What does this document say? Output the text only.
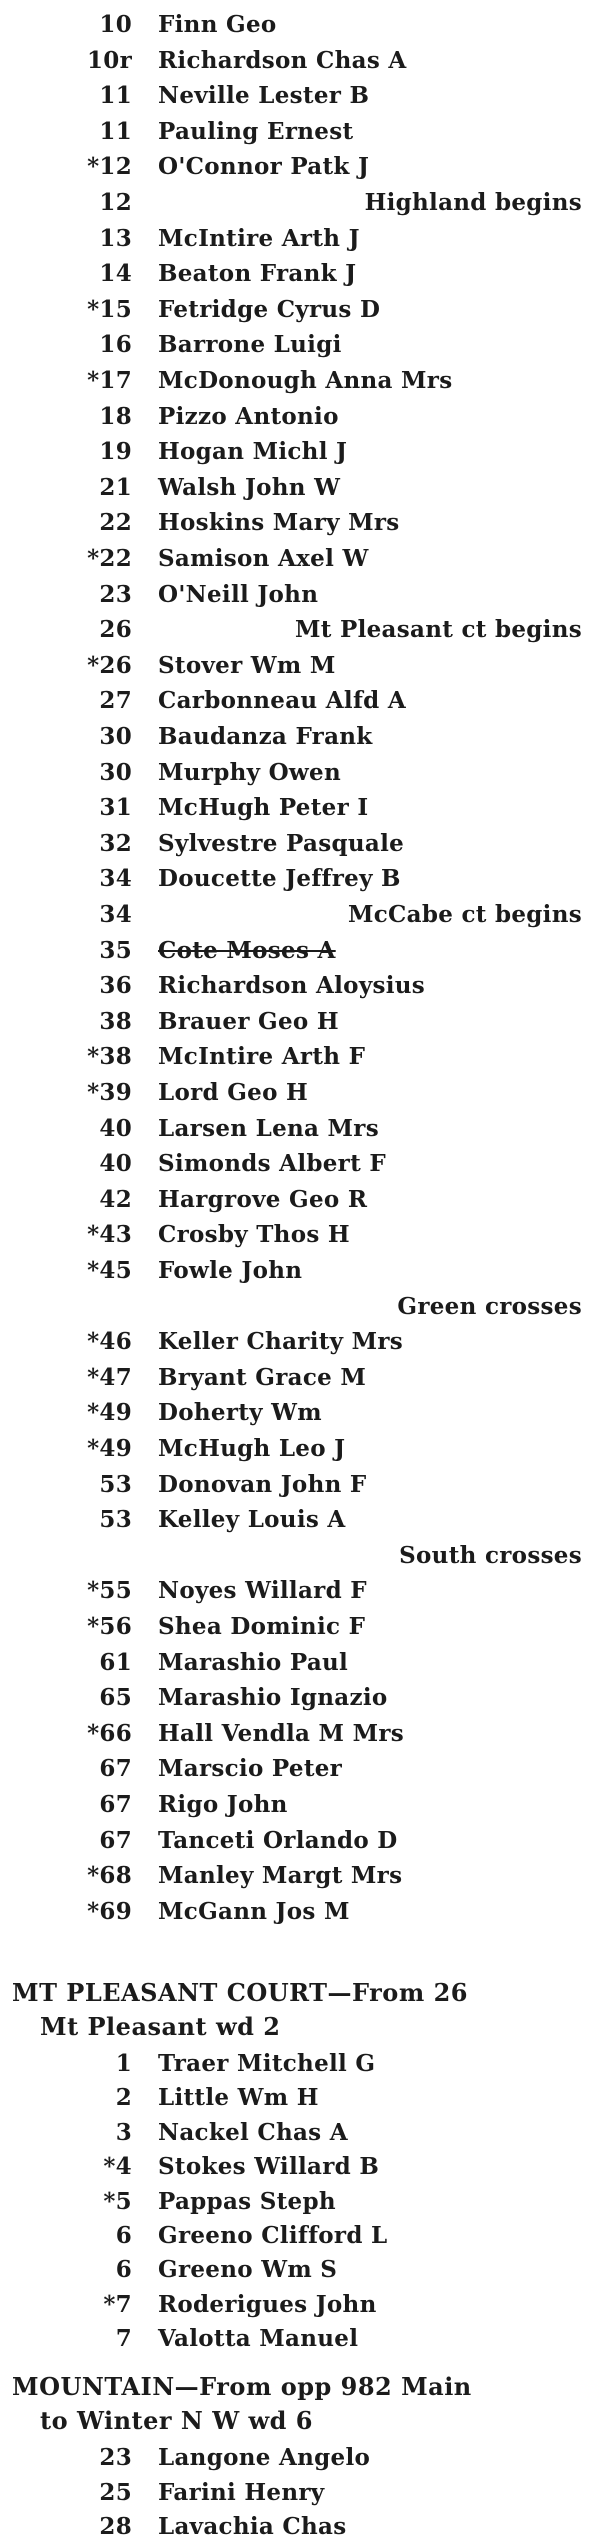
10 Finn Geo
10r Richardson Chas A
11 Neville Lester B
11 Pauling Ernest
*12 O'Connor Patk J
12	Highland begins
13 McIntire Arth J
14 Beaton Frank J
*15 Fetridge Cyrus D
16 Barrone Luigi
*17 McDonough Anna Mrs
18 Pizzo Antonio
19 Hogan Michl J
21 Walsh John W
22 Hoskins Mary Mrs
*22 Samison Axel W
23 O'Neill John
26	Mt Pleasant ct begins
*26 Stover Wm M
27 Carbonneau Alfd A
30 Baudanza Frank
30 Murphy Owen
31 McHugh Peter I
32 Sylvestre Pasquale
34 Doucette Jeffrey B
34	McCabe ct begins
35 Cote Moses A
36 Richardson Aloysius
38 Brauer Geo H
*38 McIntire Arth F
*39 Lord Geo H
40 Larsen Lena Mrs
40 Simonds Albert F
42 Hargrove Geo R
*43 Crosby Thos H
*45 Fowle John
Green crosses
*46 Keller Charity Mrs
*47 Bryant Grace M
*49 Doherty Wm
*49 McHugh Leo J
53 Donovan John F
53 Kelley Louis A
South crosses
*55 Noyes Willard F
*56 Shea Dominic F
61 Marashio Paul
65 Marashio Ignazio
*66 Hall Vendla M Mrs
67 Marscio Peter
67 Rigo John
67 Tanceti Orlando D
*68 Manley Margt Mrs
*69 McGann Jos M
MT PLEASANT COURT—From 26
Mt Pleasant wd 2
1 Traer Mitchell G
2 Little Wm H
3 Nackel Chas A
*4 Stokes Willard B
*5 Pappas Steph
6 Greeno Clifford L
6 Greeno Wm S
*7 Roderigues John
7 Valotta Manuel
MOUNTAIN—From opp 982 Main
to Winter N W wd 6
23 Langone Angelo
25 Farini Henry
28 Lavachia Chas
